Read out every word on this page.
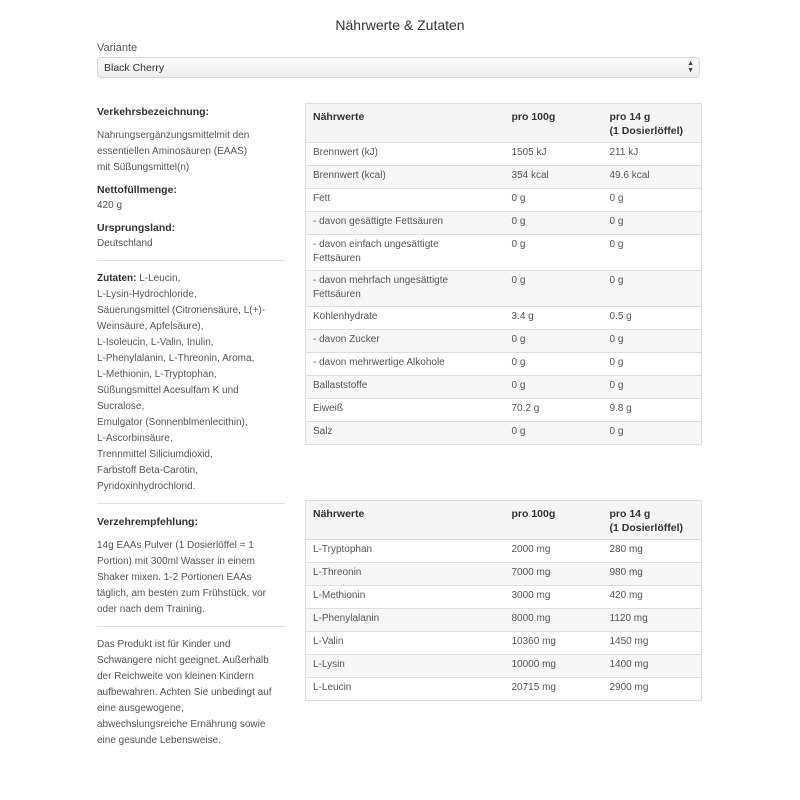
Nährwerte & Zutaten
Variante
Black Cherry	▲
▼
Verkehrsbezeichnung:

Nahrungsergänzungsmittelmit den
essentiellen Aminosäuren (EAAS)
mit Süßungsmittel(n)

Nettofüllmenge:

420 g

Ursprungsland:

Deutschland

Zutaten: L-Leucin,
L-Lysin-Hydrochloride,
Säuerungsmittel (Citronensäure, L(+)-
Weinsäure, Apfelsäure),
L-Isoleucin, L-Valin, Inulin,
L-Phenylalanin, L-Threonin, Aroma,
L-Methionin, L-Tryptophan,
Süßungsmittel Acesulfam K und
Sucralose,
Emulgator (Sonnenblmenlecithin),
L-Ascorbinsäure,
Trennmittel Siliciumdioxid,
Farbstoff Beta-Carotin,
Pyridoxinhydrochlorid.

Verzehrempfehlung:

14g EAAs Pulver (1 Dosierlöffel = 1
Portion) mit 300ml Wasser in einem
Shaker mixen. 1-2 Portionen EAAs
täglich, am besten zum Frühstück, vor
oder nach dem Training.

Das Produkt ist für Kinder und
Schwangere nicht geeignet. Außerhalb
der Reichweite von kleinen Kindern
aufbewahren. Achten Sie unbedingt auf
eine ausgewogene,
abwechslungsreiche Ernährung sowie
eine gesunde Lebensweise.

Nährwerte	pro 100g	pro 14 g
(1 Dosierlöffel)
Brennwert (kJ)	1505 kJ	211 kJ
Brennwert (kcal)	354 kcal	49.6 kcal
Fett	0 g	0 g
- davon gesättigte Fettsäuren	0 g	0 g
- davon einfach ungesättigte
Fettsäuren	0 g	0 g
- davon mehrfach ungesättigte
Fettsäuren	0 g	0 g
Kohlenhydrate	3.4 g	0.5 g
- davon Zucker	0 g	0 g
- davon mehrwertige Alkohole	0 g	0 g
Ballaststoffe	0 g	0 g
Eiweiß	70.2 g	9.8 g
Salz	0 g	0 g
Nährwerte	pro 100g	pro 14 g
(1 Dosierlöffel)
L-Tryptophan	2000 mg	280 mg
L-Threonin	7000 mg	980 mg
L-Methionin	3000 mg	420 mg
L-Phenylalanin	8000 mg	1120 mg
L-Valin	10360 mg	1450 mg
L-Lysin	10000 mg	1400 mg
L-Leucin	20715 mg	2900 mg
